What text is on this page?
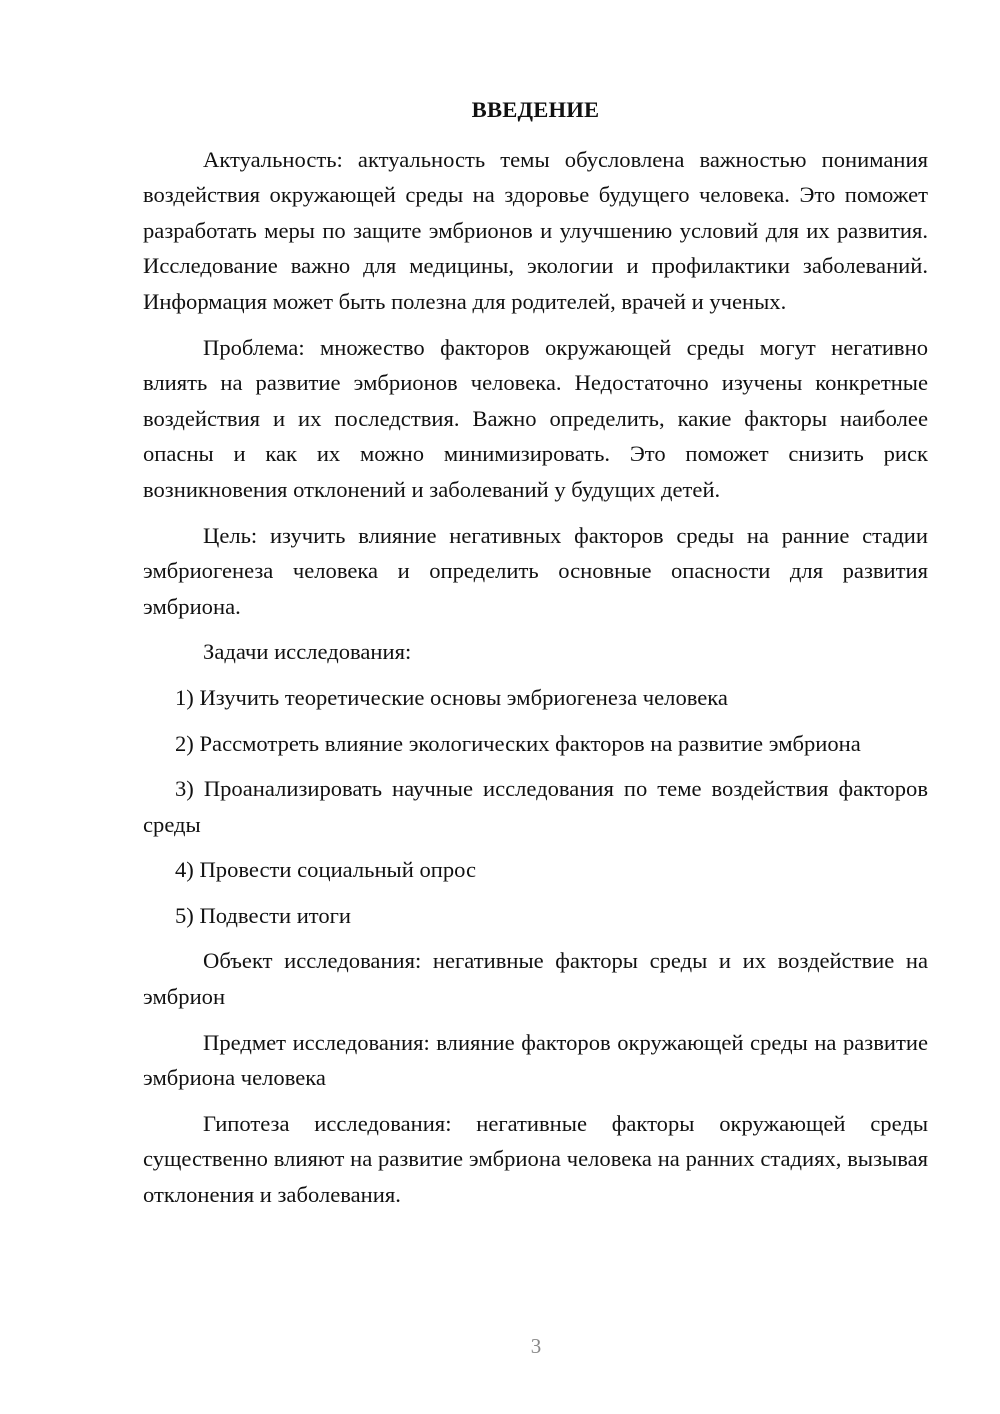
ВВЕДЕНИЕ

Актуальность: актуальность темы обусловлена важностью понимания воздействия окружающей среды на здоровье будущего человека. Это поможет разработать меры по защите эмбрионов и улучшению условий для их развития. Исследование важно для медицины, экологии и профилактики заболеваний. Информация может быть полезна для родителей, врачей и ученых.

Проблема: множество факторов окружающей среды могут негативно влиять на развитие эмбрионов человека. Недостаточно изучены конкретные воздействия и их последствия. Важно определить, какие факторы наиболее опасны и как их можно минимизировать. Это поможет снизить риск возникновения отклонений и заболеваний у будущих детей.

Цель: изучить влияние негативных факторов среды на ранние стадии эмбриогенеза человека и определить основные опасности для развития эмбриона.

Задачи исследования:

1) Изучить теоретические основы эмбриогенеза человека

2) Рассмотреть влияние экологических факторов на развитие эмбриона

3) Проанализировать научные исследования по теме воздействия факторов среды

4) Провести социальный опрос

5) Подвести итоги

Объект исследования: негативные факторы среды и их воздействие на эмбрион

Предмет исследования: влияние факторов окружающей среды на развитие эмбриона человека

Гипотеза исследования: негативные факторы окружающей среды существенно влияют на развитие эмбриона человека на ранних стадиях, вызывая отклонения и заболевания.

3
